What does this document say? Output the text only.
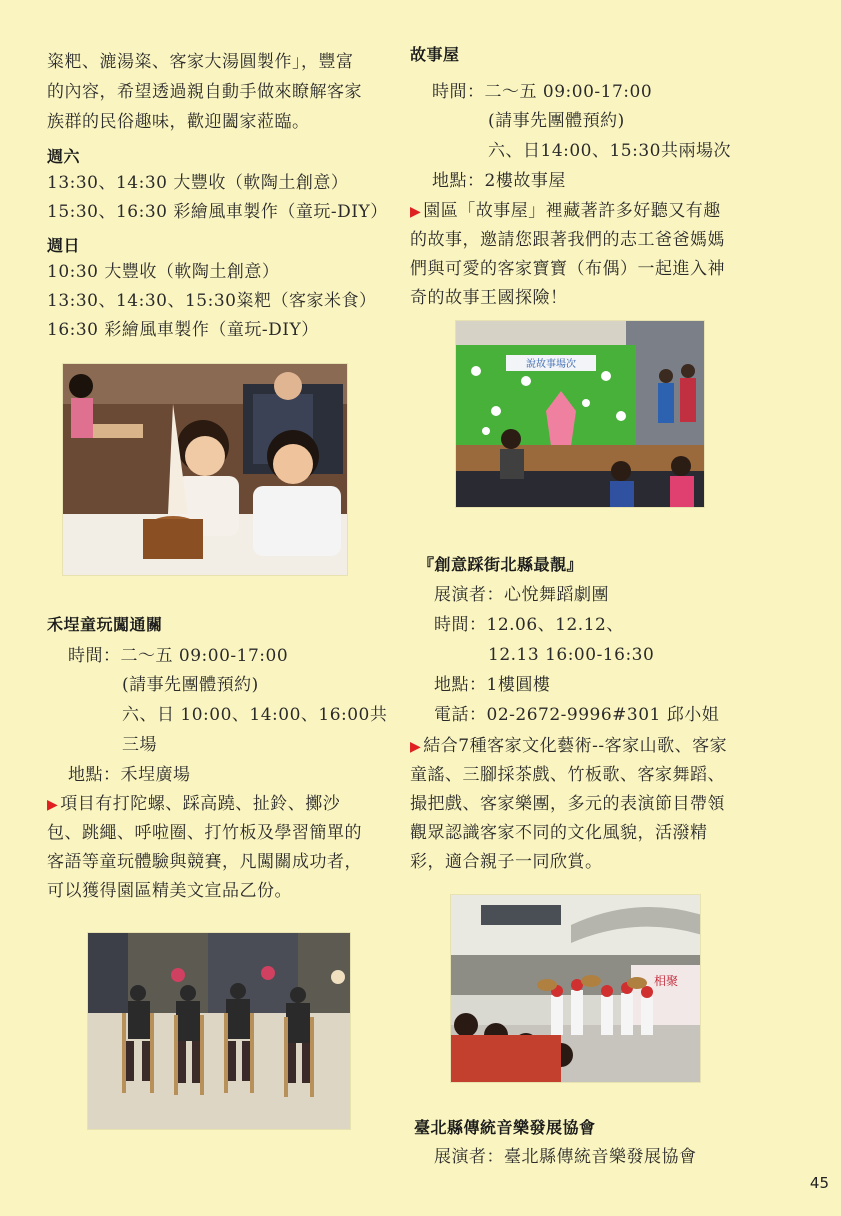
粢粑、漉湯粢、客家大湯圓製作」，豐富
的內容，希望透過親自動手做來瞭解客家
族群的民俗趣味，歡迎闔家蒞臨。
週六
13:30、14:30 大豐收（軟陶土創意）
15:30、16:30 彩繪風車製作（童玩-DIY）
週日
10:30 大豐收（軟陶土創意）
13:30、14:30、15:30粢粑（客家米食）
16:30 彩繪風車製作（童玩-DIY）
禾埕童玩闖通關
時間：二～五 09:00-17:00
(請事先團體預約)
六、日 10:00、14:00、16:00共
三場
地點：禾埕廣場
▶ 項目有打陀螺、踩高蹺、扯鈴、擲沙
包、跳繩、呼啦圈、打竹板及學習簡單的
客語等童玩體驗與競賽，凡闖關成功者，
可以獲得園區精美文宣品乙份。
故事屋
時間：二～五 09:00-17:00
(請事先團體預約)
六、日14:00、15:30共兩場次
地點：2樓故事屋
▶ 園區「故事屋」裡藏著許多好聽又有趣
的故事，邀請您跟著我們的志工爸爸媽媽
們與可愛的客家寶寶（布偶）一起進入神
奇的故事王國探險！
說故事場次
『創意踩街北縣最靚』
展演者：心悅舞蹈劇團
時間：12.06、12.12、
12.13 16:00-16:30
地點：1樓圓樓
電話：02-2672-9996#301 邱小姐
▶ 結合7種客家文化藝術--客家山歌、客家
童謠、三腳採茶戲、竹板歌、客家舞蹈、
撮把戲、客家樂團，多元的表演節目帶領
觀眾認識客家不同的文化風貌，活潑精
彩，適合親子一同欣賞。
相聚
臺北縣傳統音樂發展協會
展演者：臺北縣傳統音樂發展協會
45
